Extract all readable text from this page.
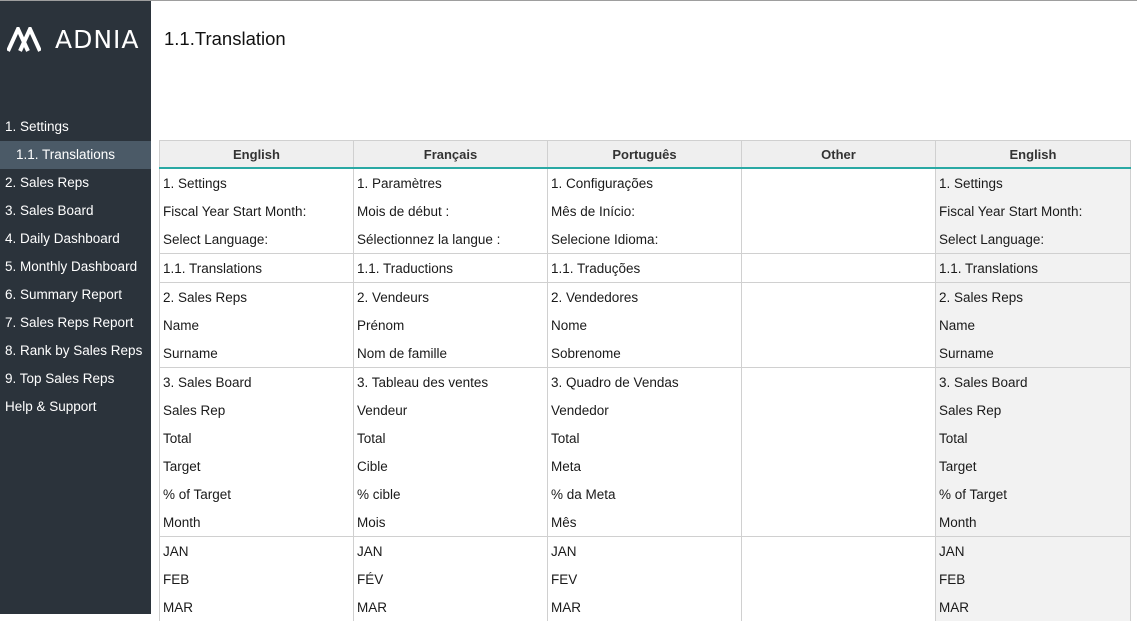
ADNIA
1. Settings
1.1. Translations
2. Sales Reps
3. Sales Board
4. Daily Dashboard
5. Monthly Dashboard
6. Summary Report
7. Sales Reps Report
8. Rank by Sales Reps
9. Top Sales Reps
Help & Support
1.1.Translation
English	Français	Português	Other	English
1. Settings	1. Paramètres	1. Configurações		1. Settings
Fiscal Year Start Month:	Mois de début :	Mês de Início:		Fiscal Year Start Month:
Select Language:	Sélectionnez la langue :	Selecione Idioma:		Select Language:
1.1. Translations	1.1. Traductions	1.1. Traduções		1.1. Translations
2. Sales Reps	2. Vendeurs	2. Vendedores		2. Sales Reps
Name	Prénom	Nome		Name
Surname	Nom de famille	Sobrenome		Surname
3. Sales Board	3. Tableau des ventes	3. Quadro de Vendas		3. Sales Board
Sales Rep	Vendeur	Vendedor		Sales Rep
Total	Total	Total		Total
Target	Cible	Meta		Target
% of Target	% cible	% da Meta		% of Target
Month	Mois	Mês		Month
JAN	JAN	JAN		JAN
FEB	FÉV	FEV		FEB
MAR	MAR	MAR		MAR
